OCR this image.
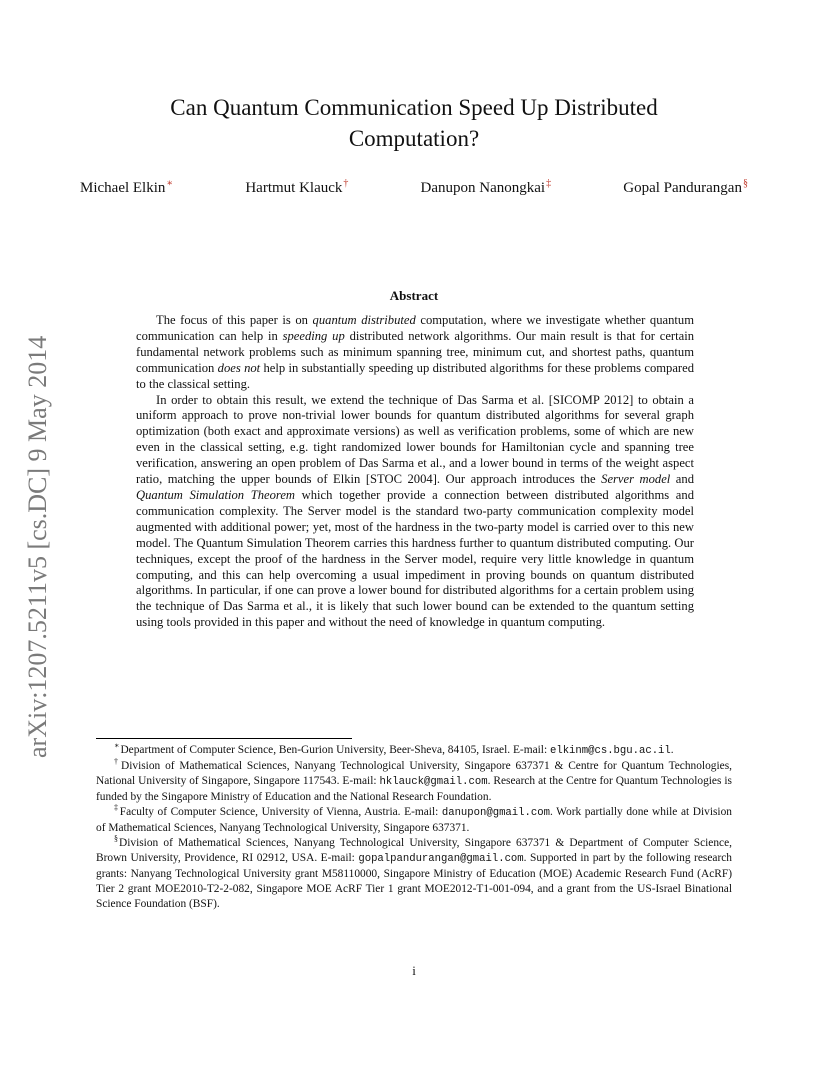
arXiv:1207.5211v5 [cs.DC] 9 May 2014
Can Quantum Communication Speed Up Distributed
Computation?
Michael Elkin∗	Hartmut Klauck†	Danupon Nanongkai‡	Gopal Pandurangan§
Abstract

The focus of this paper is on quantum distributed computation, where we investigate whether quantum communication can help in speeding up distributed network algorithms. Our main result is that for certain fundamental network problems such as minimum spanning tree, minimum cut, and shortest paths, quantum communication does not help in substantially speeding up distributed algorithms for these problems compared to the classical setting.

In order to obtain this result, we extend the technique of Das Sarma et al. [SICOMP 2012] to obtain a uniform approach to prove non-trivial lower bounds for quantum distributed algorithms for several graph optimization (both exact and approximate versions) as well as verification problems, some of which are new even in the classical setting, e.g. tight randomized lower bounds for Hamiltonian cycle and spanning tree verification, answering an open problem of Das Sarma et al., and a lower bound in terms of the weight aspect ratio, matching the upper bounds of Elkin [STOC 2004]. Our approach introduces the Server model and Quantum Simulation Theorem which together provide a connection between distributed algorithms and communication complexity. The Server model is the standard two-party communication complexity model augmented with additional power; yet, most of the hardness in the two-party model is carried over to this new model. The Quantum Simulation Theorem carries this hardness further to quantum distributed computing. Our techniques, except the proof of the hardness in the Server model, require very little knowledge in quantum computing, and this can help overcoming a usual impediment in proving bounds on quantum distributed algorithms. In particular, if one can prove a lower bound for distributed algorithms for a certain problem using the technique of Das Sarma et al., it is likely that such lower bound can be extended to the quantum setting using tools provided in this paper and without the need of knowledge in quantum computing.

∗Department of Computer Science, Ben-Gurion University, Beer-Sheva, 84105, Israel. E-mail: elkinm@cs.bgu.ac.il.

†Division of Mathematical Sciences, Nanyang Technological University, Singapore 637371 & Centre for Quantum Technologies, National University of Singapore, Singapore 117543. E-mail: hklauck@gmail.com. Research at the Centre for Quantum Technologies is funded by the Singapore Ministry of Education and the National Research Foundation.

‡Faculty of Computer Science, University of Vienna, Austria. E-mail: danupon@gmail.com. Work partially done while at Division of Mathematical Sciences, Nanyang Technological University, Singapore 637371.

§Division of Mathematical Sciences, Nanyang Technological University, Singapore 637371 & Department of Computer Science, Brown University, Providence, RI 02912, USA. E-mail: gopalpandurangan@gmail.com. Supported in part by the following research grants: Nanyang Technological University grant M58110000, Singapore Ministry of Education (MOE) Academic Research Fund (AcRF) Tier 2 grant MOE2010-T2-2-082, Singapore MOE AcRF Tier 1 grant MOE2012-T1-001-094, and a grant from the US-Israel Binational Science Foundation (BSF).

i
